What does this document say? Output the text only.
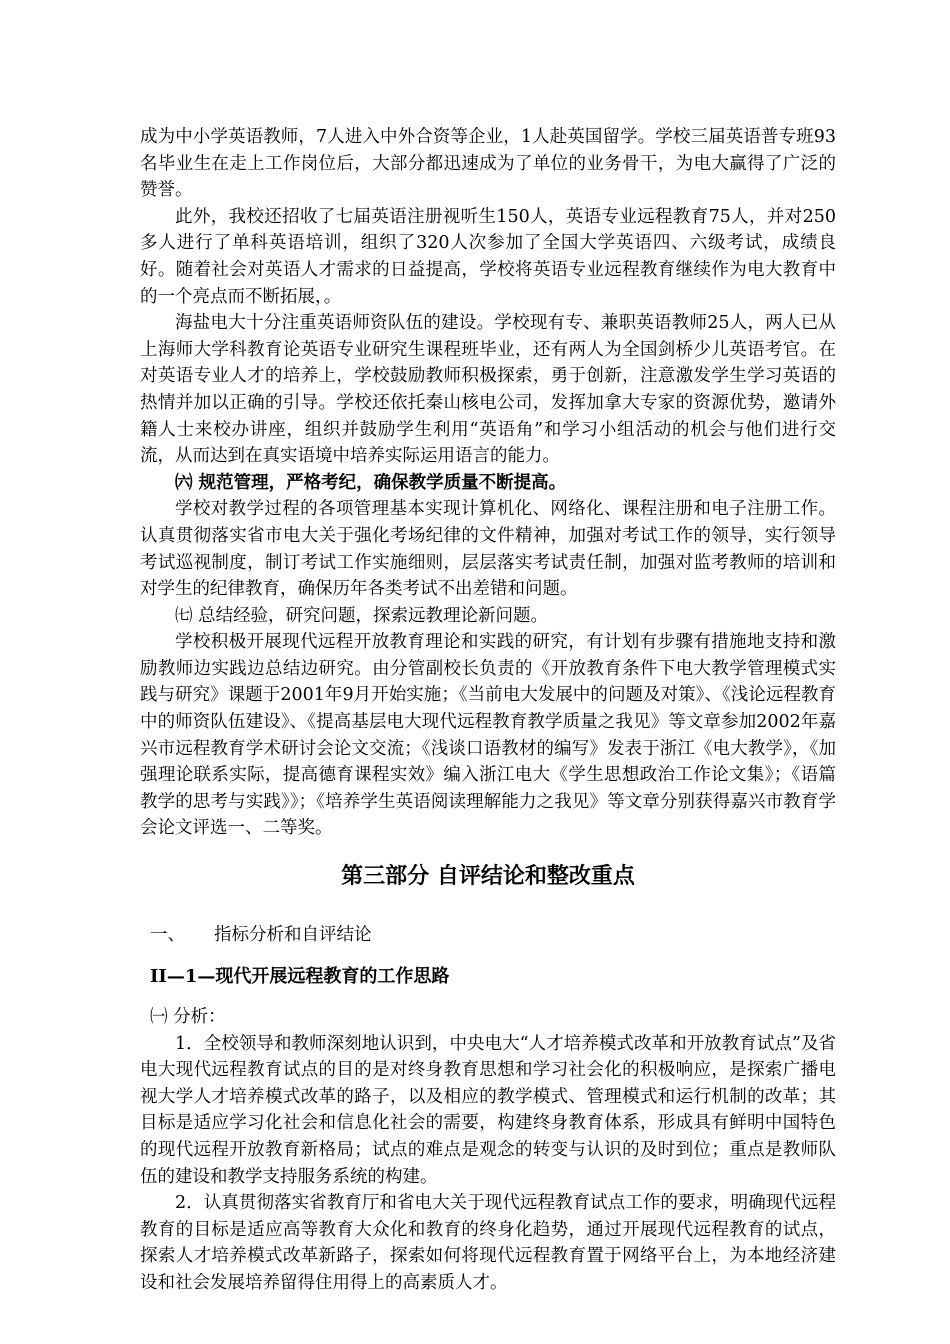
成为中小学英语教师，7人进入中外合资等企业，1人赴英国留学。学校三届英语普专班93名毕业生在走上工作岗位后，大部分都迅速成为了单位的业务骨干，为电大赢得了广泛的赞誉。

此外，我校还招收了七届英语注册视听生150人，英语专业远程教育75人，并对250多人进行了单科英语培训，组织了320人次参加了全国大学英语四、六级考试，成绩良好。随着社会对英语人才需求的日益提高，学校将英语专业远程教育继续作为电大教育中的一个亮点而不断拓展，。

海盐电大十分注重英语师资队伍的建设。学校现有专、兼职英语教师25人，两人已从上海师大学科教育论英语专业研究生课程班毕业，还有两人为全国剑桥少儿英语考官。在对英语专业人才的培养上，学校鼓励教师积极探索，勇于创新，注意激发学生学习英语的热情并加以正确的引导。学校还依托秦山核电公司，发挥加拿大专家的资源优势，邀请外籍人士来校办讲座，组织并鼓励学生利用“英语角”和学习小组活动的机会与他们进行交流，从而达到在真实语境中培养实际运用语言的能力。

㈥ 规范管理，严格考纪，确保教学质量不断提高。

学校对教学过程的各项管理基本实现计算机化、网络化、课程注册和电子注册工作。认真贯彻落实省市电大关于强化考场纪律的文件精神，加强对考试工作的领导，实行领导考试巡视制度，制订考试工作实施细则，层层落实考试责任制，加强对监考教师的培训和对学生的纪律教育，确保历年各类考试不出差错和问题。

㈦ 总结经验，研究问题，探索远教理论新问题。

学校积极开展现代远程开放教育理论和实践的研究，有计划有步骤有措施地支持和激励教师边实践边总结边研究。由分管副校长负责的《开放教育条件下电大教学管理模式实践与研究》课题于2001年9月开始实施；《当前电大发展中的问题及对策》、《浅论远程教育中的师资队伍建设》、《提高基层电大现代远程教育教学质量之我见》等文章参加2002年嘉兴市远程教育学术研讨会论文交流；《浅谈口语教材的编写》发表于浙江《电大教学》，《加强理论联系实际，提高德育课程实效》编入浙江电大《学生思想政治工作论文集》；《语篇教学的思考与实践》》；《培养学生英语阅读理解能力之我见》等文章分别获得嘉兴市教育学会论文评选一、二等奖。

第三部分 自评结论和整改重点
一、 指标分析和自评结论
II—1—现代开展远程教育的工作思路

㈠ 分析：

1．全校领导和教师深刻地认识到，中央电大“人才培养模式改革和开放教育试点”及省电大现代远程教育试点的目的是对终身教育思想和学习社会化的积极响应，是探索广播电视大学人才培养模式改革的路子，以及相应的教学模式、管理模式和运行机制的改革；其目标是适应学习化社会和信息化社会的需要，构建终身教育体系，形成具有鲜明中国特色的现代远程开放教育新格局；试点的难点是观念的转变与认识的及时到位；重点是教师队伍的建设和教学支持服务系统的构建。

2．认真贯彻落实省教育厅和省电大关于现代远程教育试点工作的要求，明确现代远程教育的目标是适应高等教育大众化和教育的终身化趋势，通过开展现代远程教育的试点，探索人才培养模式改革新路子，探索如何将现代远程教育置于网络平台上，为本地经济建设和社会发展培养留得住用得上的高素质人才。
